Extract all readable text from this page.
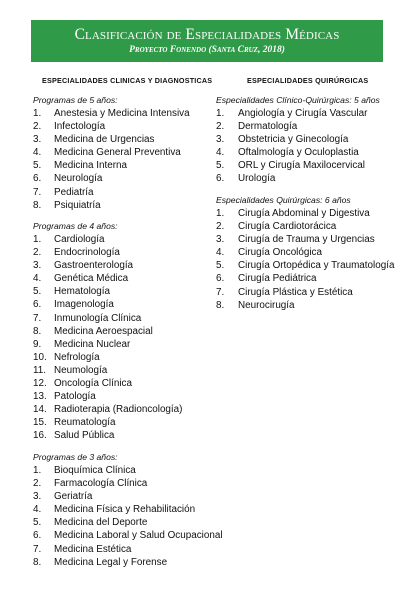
Clasificación de Especialidades Médicas
Proyecto Fonendo (Santa Cruz, 2018)
ESPECIALIDADES CLINICAS Y DIAGNOSTICAS
Programas de 5 años:
1.	Anestesia y Medicina Intensiva
2.	Infectología
3.	Medicina de Urgencias
4.	Medicina General Preventiva
5.	Medicina Interna
6.	Neurología
7.	Pediatría
8.	Psiquiatría
Programas de 4 años:
1.	Cardiología
2.	Endocrinología
3.	Gastroenterología
4.	Genética Médica
5.	Hematología
6.	Imagenología
7.	Inmunología Clínica
8.	Medicina Aeroespacial
9.	Medicina Nuclear
10. Nefrología
11. Neumología
12. Oncología Clínica
13. Patología
14. Radioterapia (Radioncología)
15. Reumatología
16. Salud Pública
Programas de 3 años:
1.	Bioquímica Clínica
2.	Farmacología Clínica
3.	Geriatría
4.	Medicina Física y Rehabilitación
5.	Medicina del Deporte
6.	Medicina Laboral y Salud Ocupacional
7.	Medicina Estética
8.	Medicina Legal y Forense
ESPECIALIDADES QUIRÚRGICAS
Especialidades Clínico-Quirúrgicas: 5 años
1.	Angiología y Cirugía Vascular
2.	Dermatología
3.	Obstetricia y Ginecología
4.	Oftalmología y Oculoplastia
5.	ORL y Cirugía Maxilocervical
6.	Urología
Especialidades Quirúrgicas: 6 años
1.	Cirugía Abdominal y Digestiva
2.	Cirugía Cardiotorácica
3.	Cirugía de Trauma y Urgencias
4.	Cirugía Oncológica
5.	Cirugía Ortopédica y Traumatología
6.	Cirugía Pediátrica
7.	Cirugía Plástica y Estética
8.	Neurocirugía
